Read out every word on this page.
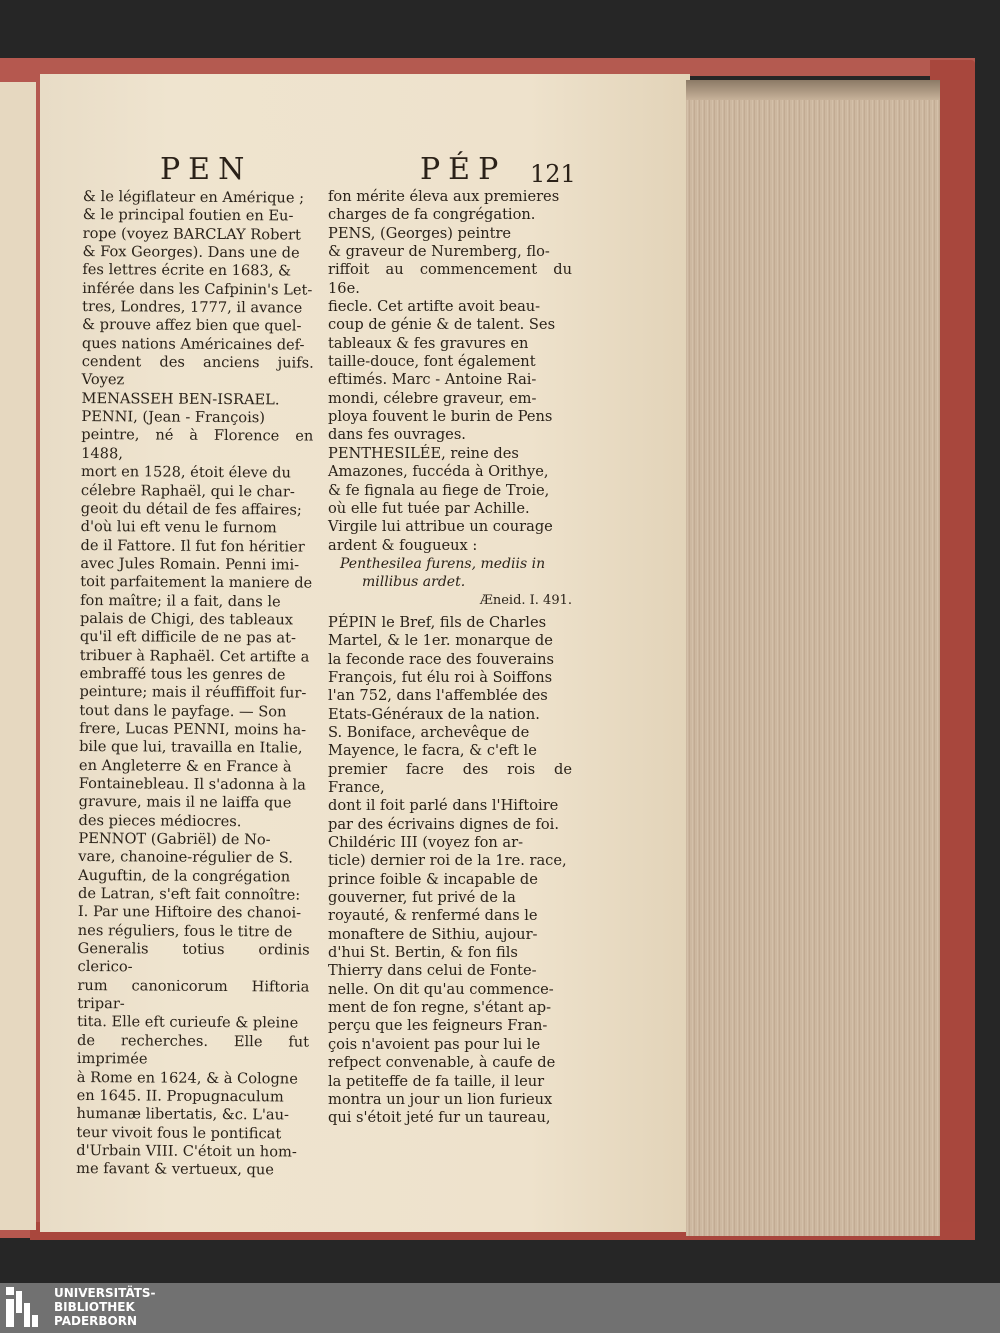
PEN	PÉP 121

& le légiflateur en Amérique ;

& le principal foutien en Eu-

rope (voyez BARCLAY Robert

& Fox Georges). Dans une de

fes lettres écrite en 1683, &

inférée dans les Cafpinin's Let-

tres, Londres, 1777, il avance

& prouve affez bien que quel-

ques nations Américaines def-

cendent des anciens juifs. Voyez

MENASSEH BEN-ISRAEL.

PENNI, (Jean - François)

peintre, né à Florence en 1488,

mort en 1528, étoit éleve du

célebre Raphaël, qui le char-

geoit du détail de fes affaires;

d'où lui eft venu le furnom

de il Fattore. Il fut fon héritier

avec Jules Romain. Penni imi-

toit parfaitement la maniere de

fon maître; il a fait, dans le

palais de Chigi, des tableaux

qu'il eft difficile de ne pas at-

tribuer à Raphaël. Cet artifte a

embraffé tous les genres de

peinture; mais il réuffiffoit fur-

tout dans le payfage. — Son

frere, Lucas PENNI, moins ha-

bile que lui, travailla en Italie,

en Angleterre & en France à

Fontainebleau. Il s'adonna à la

gravure, mais il ne laiffa que

des pieces médiocres.

PENNOT (Gabriël) de No-

vare, chanoine-régulier de S.

Auguftin, de la congrégation

de Latran, s'eft fait connoître:

I. Par une Hiftoire des chanoi-

nes réguliers, fous le titre de

Generalis totius ordinis clerico-

rum canonicorum Hiftoria tripar-

tita. Elle eft curieufe & pleine

de recherches. Elle fut imprimée

à Rome en 1624, & à Cologne

en 1645. II. Propugnaculum

humanæ libertatis, &c. L'au-

teur vivoit fous le pontificat

d'Urbain VIII. C'étoit un hom-

me favant & vertueux, que

fon mérite éleva aux premieres

charges de fa congrégation.

PENS, (Georges) peintre

& graveur de Nuremberg, flo-

riffoit au commencement du 16e.

fiecle. Cet artifte avoit beau-

coup de génie & de talent. Ses

tableaux & fes gravures en

taille-douce, font également

eftimés. Marc - Antoine Rai-

mondi, célebre graveur, em-

ploya fouvent le burin de Pens

dans fes ouvrages.

PENTHESILÉE, reine des

Amazones, fuccéda à Orithye,

& fe fignala au fiege de Troie,

où elle fut tuée par Achille.

Virgile lui attribue un courage

ardent & fougueux :

Penthesilea furens, mediis in

millibus ardet.

Æneid. I. 491.

PÉPIN le Bref, fils de Charles

Martel, & le 1er. monarque de

la feconde race des fouverains

François, fut élu roi à Soiffons

l'an 752, dans l'affemblée des

Etats-Généraux de la nation.

S. Boniface, archevêque de

Mayence, le facra, & c'eft le

premier facre des rois de France,

dont il foit parlé dans l'Hiftoire

par des écrivains dignes de foi.

Childéric III (voyez fon ar-

ticle) dernier roi de la 1re. race,

prince foible & incapable de

gouverner, fut privé de la

royauté, & renfermé dans le

monaftere de Sithiu, aujour-

d'hui St. Bertin, & fon fils

Thierry dans celui de Fonte-

nelle. On dit qu'au commence-

ment de fon regne, s'étant ap-

perçu que les feigneurs Fran-

çois n'avoient pas pour lui le

refpect convenable, à caufe de

la petiteffe de fa taille, il leur

montra un jour un lion furieux

qui s'étoit jeté fur un taureau,

UNIVERSITÄTS-
BIBLIOTHEK
PADERBORN
